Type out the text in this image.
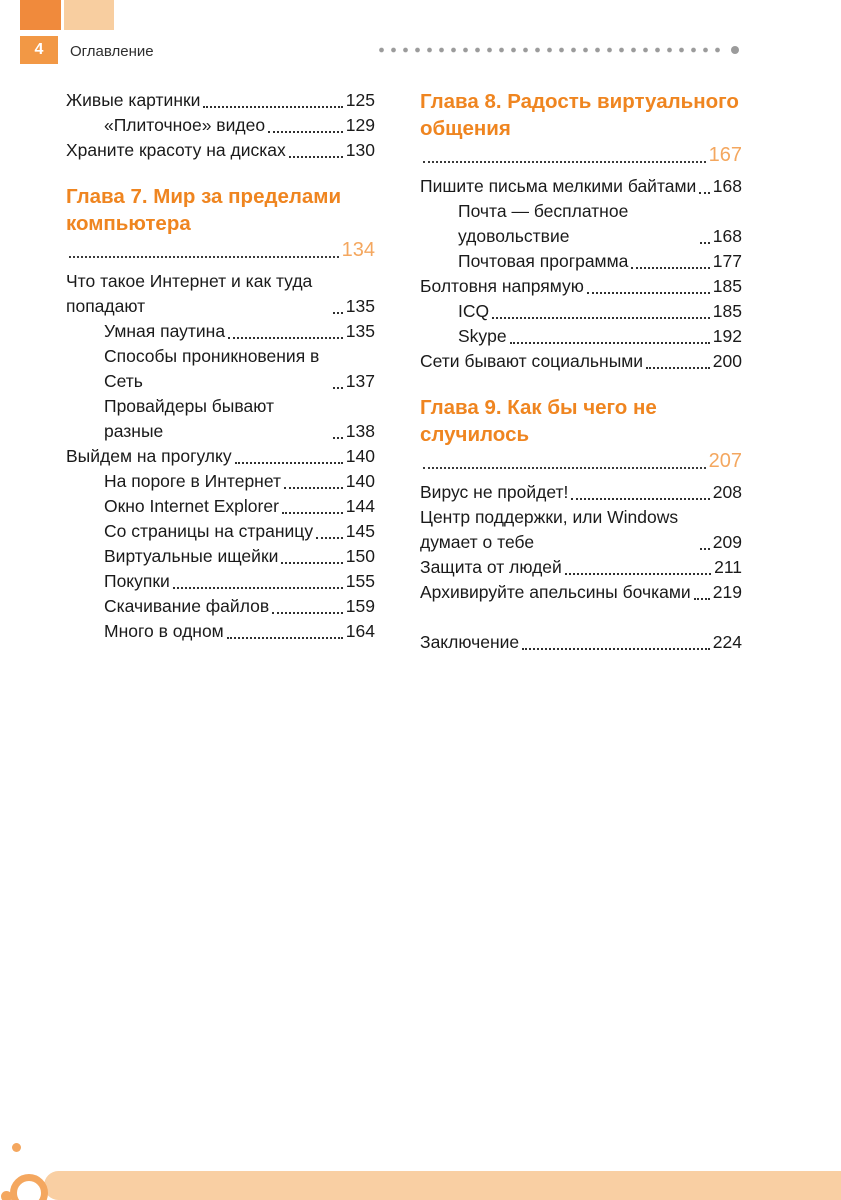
4 Оглавление
Живые картинки	125
«Плиточное» видео	129
Храните красоту на дисках	130
Глава 7. Мир за пределами компьютера
134
Что такое Интернет и как туда попадают	135
Умная паутина	135
Способы проникновения в Сеть	137
Провайдеры бывают разные	138
Выйдем на прогулку	140
На пороге в Интернет	140
Окно Internet Explorer	144
Со страницы на страницу 145
Виртуальные ищейки	150
Покупки	155
Скачивание файлов	159
Много в одном	164
Глава 8. Радость виртуального общения
167
Пишите письма мелкими байтами 168
Почта — бесплатное удовольствие	168
Почтовая программа	177
Болтовня напрямую	185
ICQ	185
Skype	192
Сети бывают социальными	200
Глава 9. Как бы чего не случилось
207
Вирус не пройдет!	208
Центр поддержки, или Windows думает о тебе	209
Защита от людей	211
Архивируйте апельсины бочками 219
Заключение	224
